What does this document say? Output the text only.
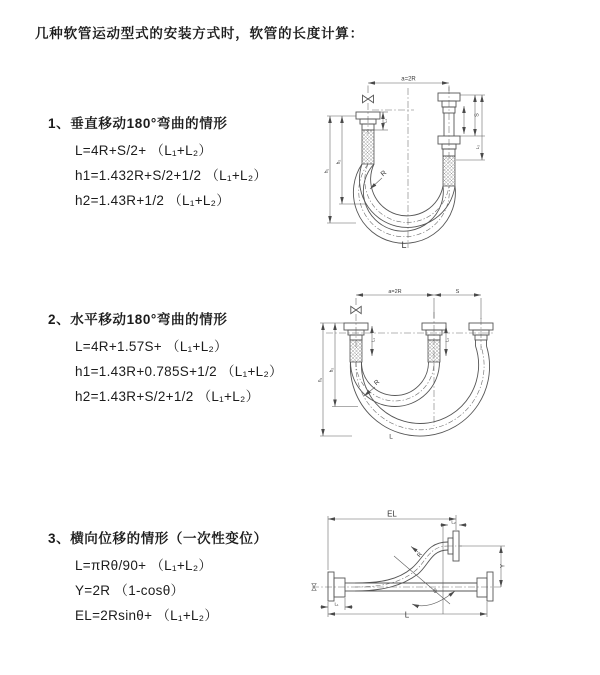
几种软管运动型式的安装方式时，软管的长度计算：
1、垂直移动180°弯曲的情形
L=4R+S/2+ （L₁+L₂）
h1=1.432R+S/2+1/2 （L₁+L₂）
h2=1.43R+1/2 （L₁+L₂）
2、水平移动180°弯曲的情形
L=4R+1.57S+ （L₁+L₂）
h1=1.43R+0.785S+1/2 （L₁+L₂）
h2=1.43R+S/2+1/2 （L₁+L₂）
3、横向位移的情形（一次性变位）
L=πRθ/90+ （L₁+L₂）
Y=2R （1-cosθ）
EL=2Rsinθ+ （L₁+L₂）
a=2R
h₁
h₂
L₁
S
L₂
R
L
a=2R	S
h₁
h₂
L₁	L₂
R
L
EL
L₂
Y
θ
R
L
L₁
